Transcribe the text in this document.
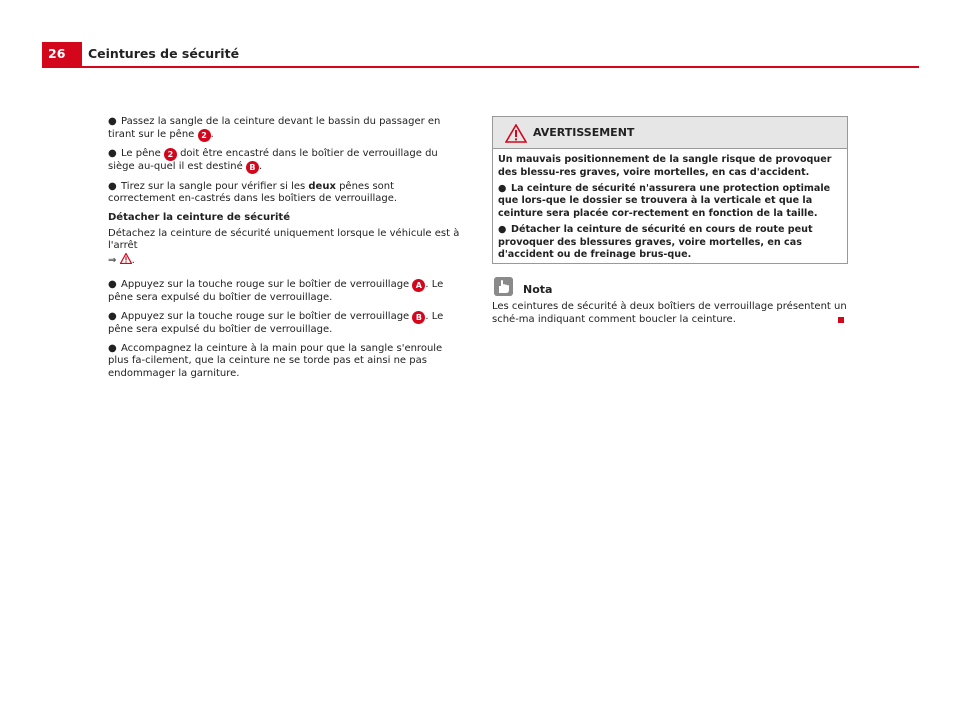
26	Ceintures de sécurité
● Passez la sangle de la ceinture devant le bassin du passager en tirant sur le pêne 2 .
● Le pêne 2 doit être encastré dans le boîtier de verrouillage du siège au-quel il est destiné B .
● Tirez sur la sangle pour vérifier si les deux pênes sont correctement en-castrés dans les boîtiers de verrouillage.
Détacher la ceinture de sécurité
Détachez la ceinture de sécurité uniquement lorsque le véhicule est à l'arrêt
⇒ .
● Appuyez sur la touche rouge sur le boîtier de verrouillage A . Le pêne sera expulsé du boîtier de verrouillage.
● Appuyez sur la touche rouge sur le boîtier de verrouillage B . Le pêne sera expulsé du boîtier de verrouillage.
● Accompagnez la ceinture à la main pour que la sangle s'enroule plus fa-cilement, que la ceinture ne se torde pas et ainsi ne pas endommager la garniture.
AVERTISSEMENT
Un mauvais positionnement de la sangle risque de provoquer des blessu-res graves, voire mortelles, en cas d'accident.
● La ceinture de sécurité n'assurera une protection optimale que lors-que le dossier se trouvera à la verticale et que la ceinture sera placée cor-rectement en fonction de la taille.
● Détacher la ceinture de sécurité en cours de route peut provoquer des blessures graves, voire mortelles, en cas d'accident ou de freinage brus-que.
Nota
Les ceintures de sécurité à deux boîtiers de verrouillage présentent un sché-ma indiquant comment boucler la ceinture.
